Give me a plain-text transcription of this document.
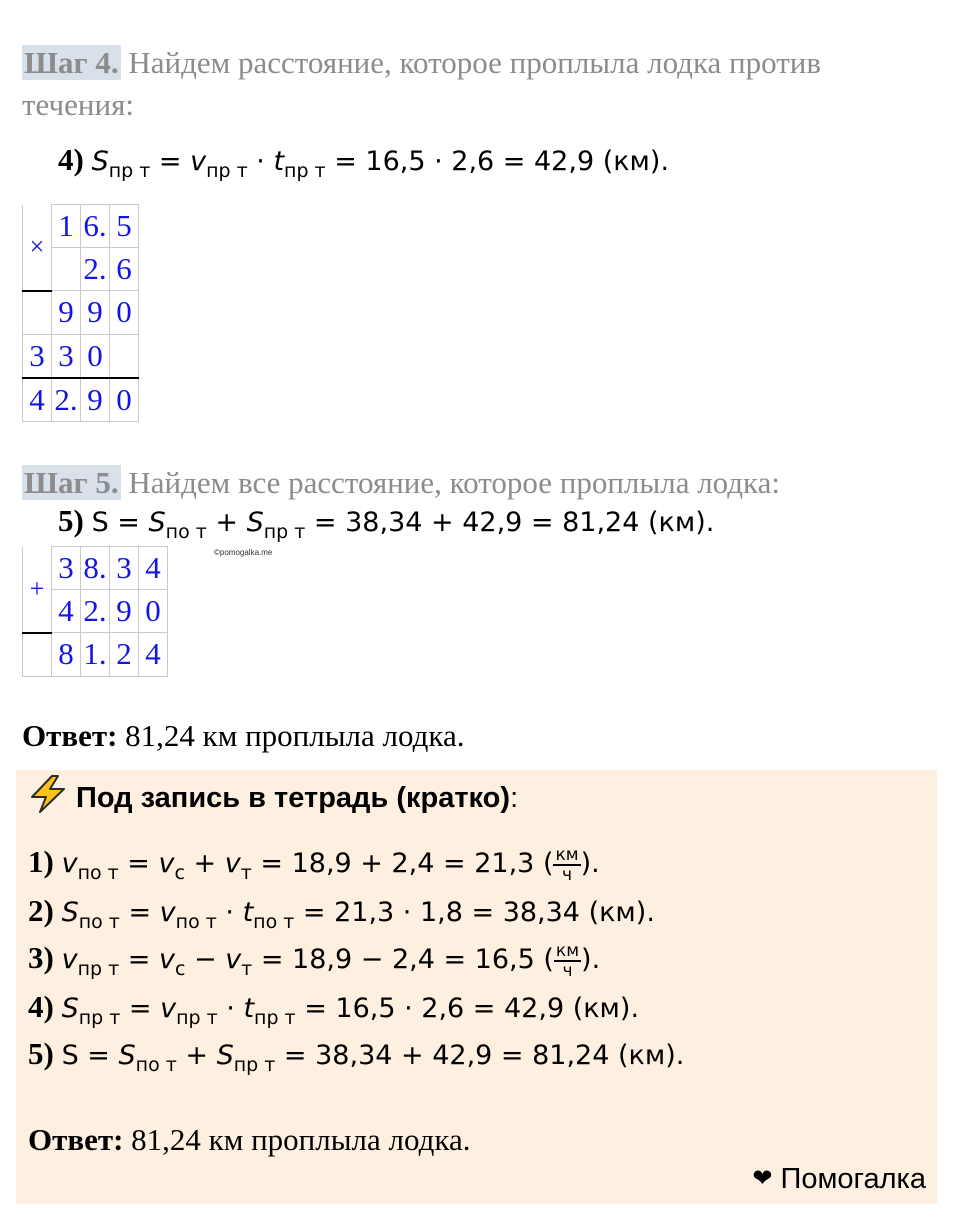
Шаг 4. Найдем расстояние, которое проплыла лодка против течения:
4) $S_{пр т} = v_{пр т} \cdot t_{пр т} = 16,5 \cdot 2,6 = 42,9$ (км).
×	1	6.	5
		2.	6
	9	9	0
3	3	0	
4	2.	9	0
Шаг 5. Найдем все расстояние, которое проплыла лодка:
5) $S = S_{по т} + S_{пр т} = 38,34 + 42,9 = 81,24$ (км).
©pomogalka.me
+	3	8.	3	4
	4	2.	9	0
	8	1.	2	4
Ответ: 81,24 км проплыла лодка.
Под запись в тетрадь (кратко):
1) $v_{по т} = v_с + v_т = 18,9 + 2,4 = 21,3$ ( $\frac{км}{ч}$ ).
2) $S_{по т} = v_{по т} \cdot t_{по т} = 21,3 \cdot 1,8 = 38,34$ (км).
3) $v_{пр т} = v_с - v_т = 18,9 - 2,4 = 16,5$ ( $\frac{км}{ч}$ ).
4) $S_{пр т} = v_{пр т} \cdot t_{пр т} = 16,5 \cdot 2,6 = 42,9$ (км).
5) $S = S_{по т} + S_{пр т} = 38,34 + 42,9 = 81,24$ (км).
Ответ: 81,24 км проплыла лодка.
❤ Помогалка
